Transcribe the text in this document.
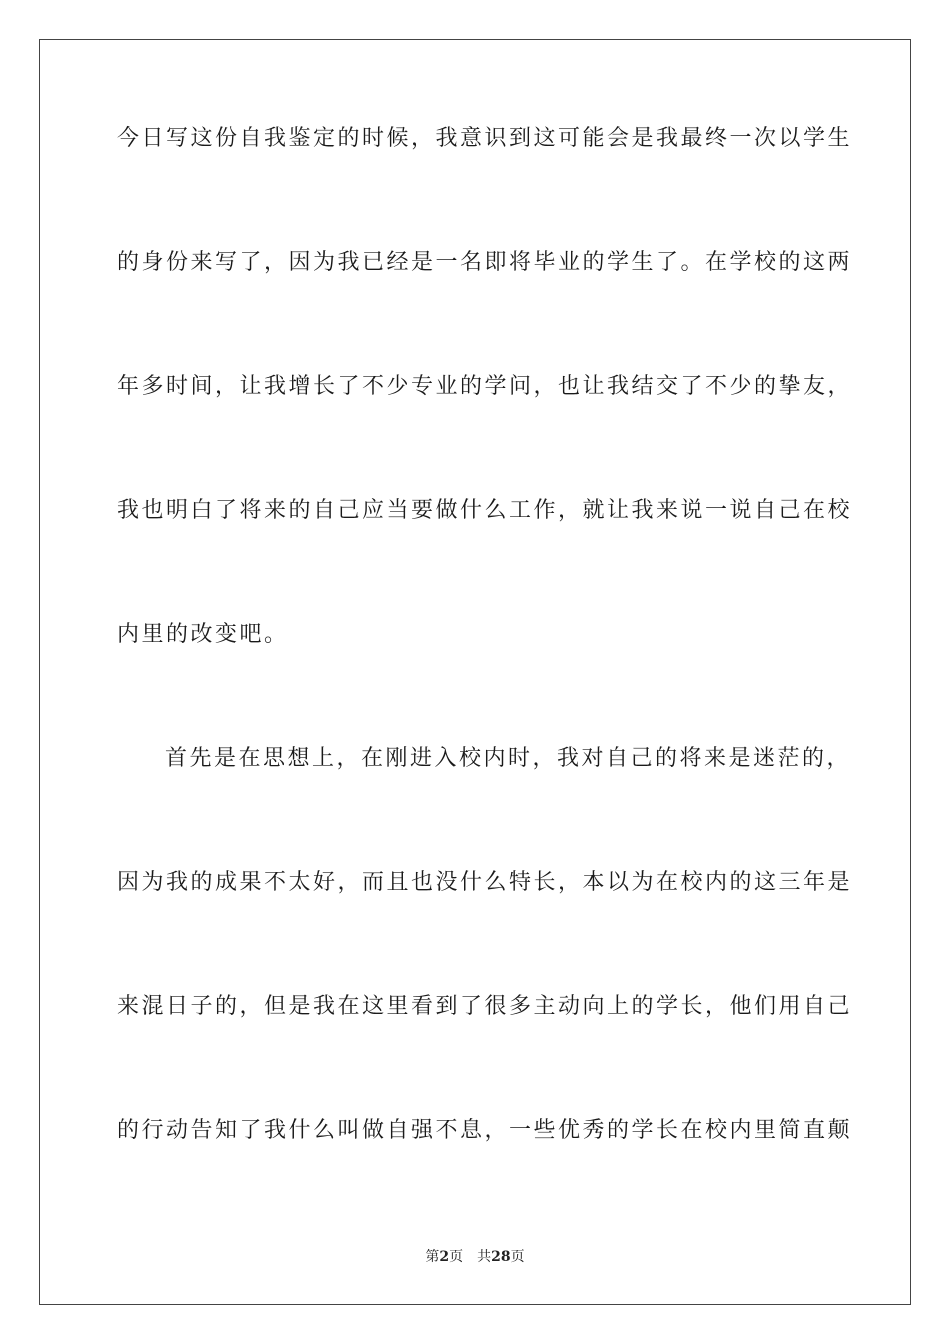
今日写这份自我鉴定的时候，我意识到这可能会是我最终一次以学生
的身份来写了，因为我已经是一名即将毕业的学生了。在学校的这两
年多时间，让我增长了不少专业的学问，也让我结交了不少的挚友，
我也明白了将来的自己应当要做什么工作，就让我来说一说自己在校
内里的改变吧。
首先是在思想上，在刚进入校内时，我对自己的将来是迷茫的，
因为我的成果不太好，而且也没什么特长，本以为在校内的这三年是
来混日子的，但是我在这里看到了很多主动向上的学长，他们用自己
的行动告知了我什么叫做自强不息，一些优秀的学长在校内里简直颠
第2页 共28页
